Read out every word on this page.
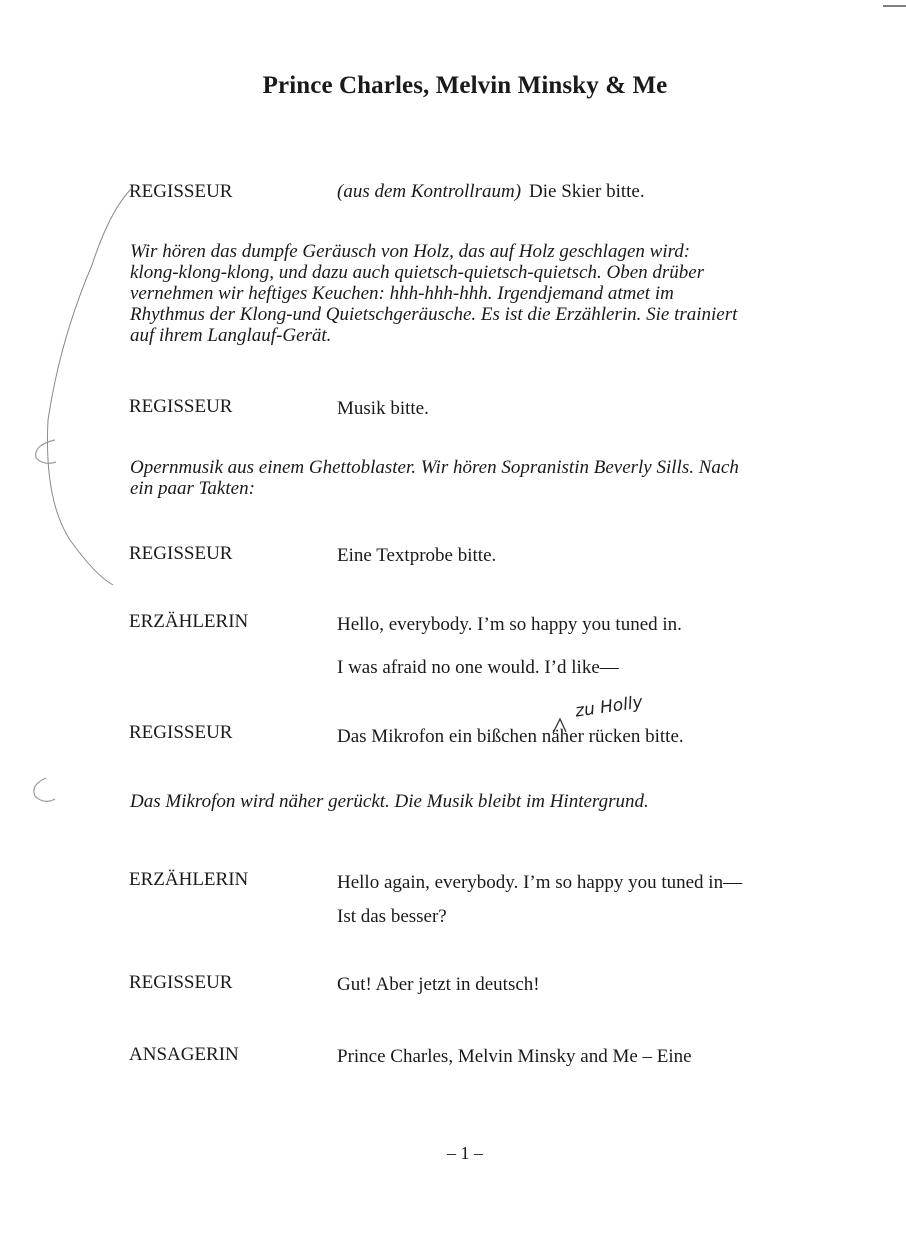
Prince Charles, Melvin Minsky & Me
REGISSEUR	(aus dem Kontrollraum) Die Skier bitte.
Wir hören das dumpfe Geräusch von Holz, das auf Holz geschlagen wird:
klong-klong-klong, und dazu auch quietsch-quietsch-quietsch. Oben drüber
vernehmen wir heftiges Keuchen: hhh-hhh-hhh. Irgendjemand atmet im
Rhythmus der Klong-und Quietschgeräusche. Es ist die Erzählerin. Sie trainiert
auf ihrem Langlauf-Gerät.
REGISSEUR	Musik bitte.
Opernmusik aus einem Ghettoblaster. Wir hören Sopranistin Beverly Sills. Nach
ein paar Takten:
REGISSEUR	Eine Textprobe bitte.
ERZÄHLERIN	Hello, everybody. I’m so happy you tuned in.
I was afraid no one would. I’d like—
zu Holly
REGISSEUR	Das Mikrofon ein bißchen näher rücken bitte.
Das Mikrofon wird näher gerückt. Die Musik bleibt im Hintergrund.
ERZÄHLERIN	Hello again, everybody. I’m so happy you tuned in—
Ist das besser?
REGISSEUR	Gut! Aber jetzt in deutsch!
ANSAGERIN	Prince Charles, Melvin Minsky and Me – Eine
– 1 –
